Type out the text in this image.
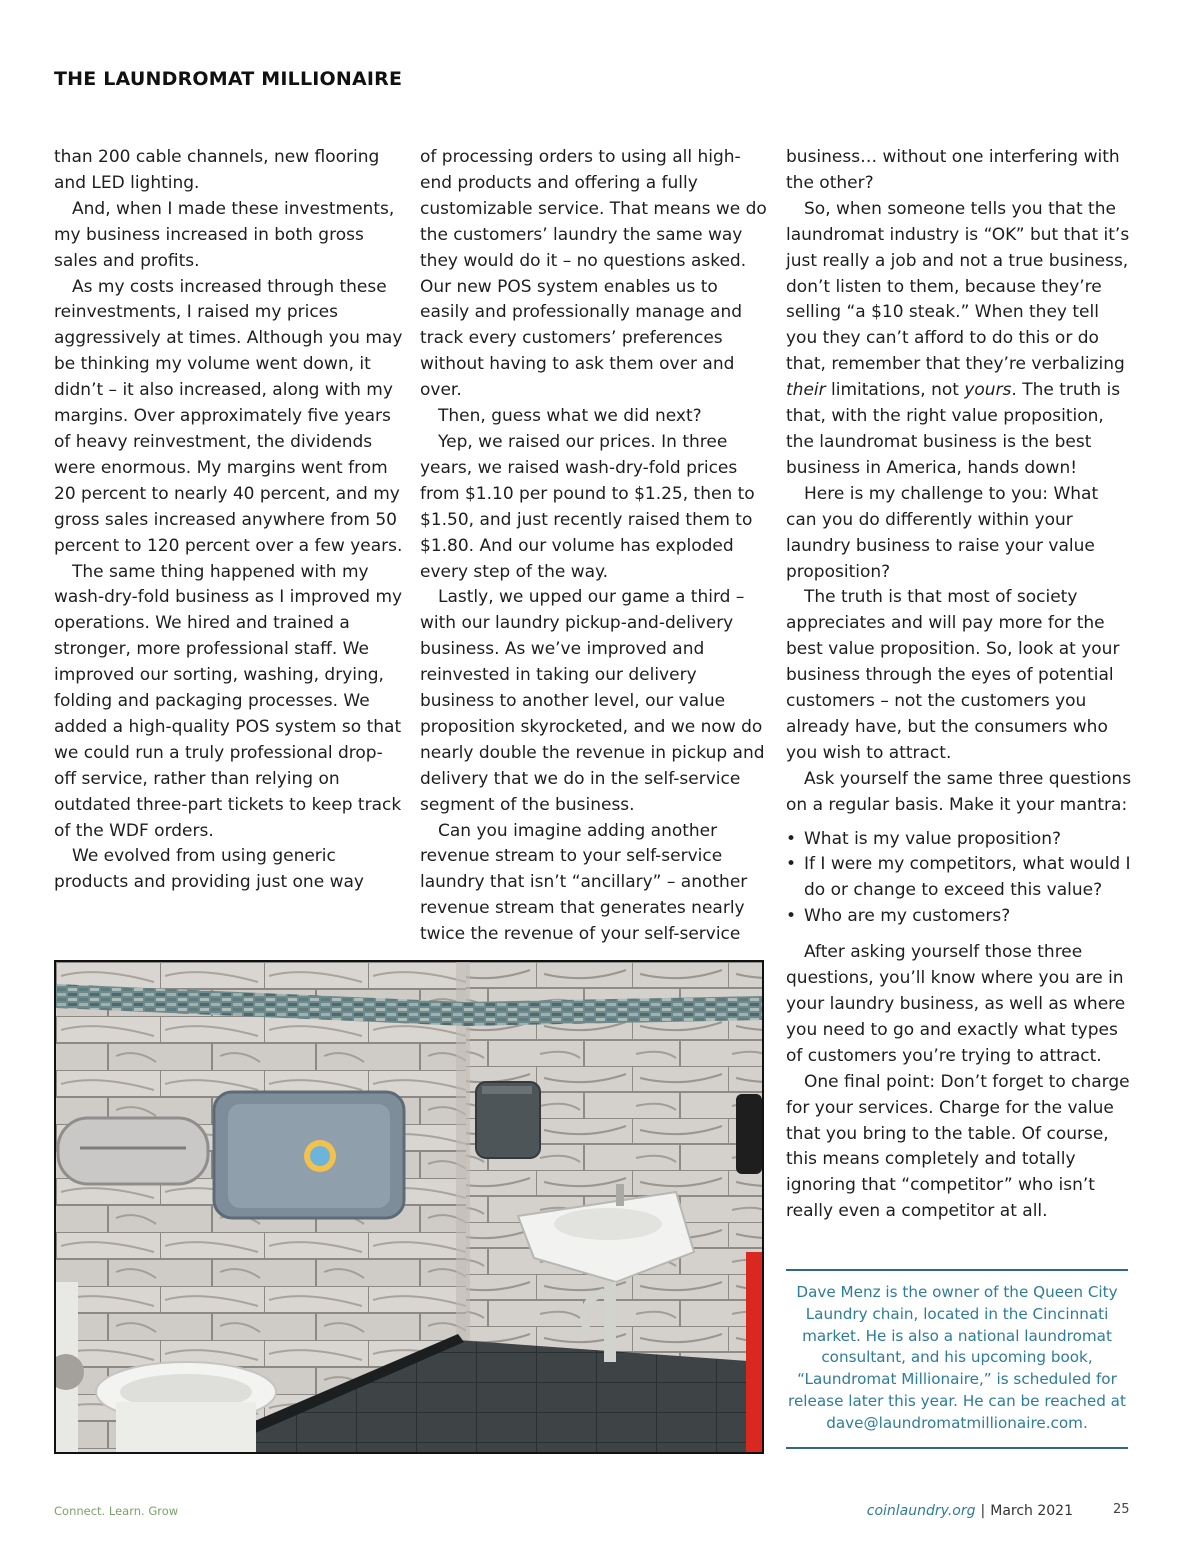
THE LAUNDROMAT MILLIONAIRE

than 200 cable channels, new flooring and LED lighting.

And, when I made these investments, my business increased in both gross sales and profits.

As my costs increased through these reinvestments, I raised my prices aggressively at times. Although you may be thinking my volume went down, it didn’t – it also increased, along with my margins. Over approximately five years of heavy reinvestment, the dividends were enormous. My margins went from 20 percent to nearly 40 percent, and my gross sales increased anywhere from 50 percent to 120 percent over a few years.

The same thing happened with my wash-dry-fold business as I improved my operations. We hired and trained a stronger, more professional staff. We improved our sorting, washing, drying, folding and packaging processes. We added a high-quality POS system so that we could run a truly professional drop-off service, rather than relying on outdated three-part tickets to keep track of the WDF orders.

We evolved from using generic products and providing just one way

of processing orders to using all high-end products and offering a fully customizable service. That means we do the customers’ laundry the same way they would do it – no questions asked. Our new POS system enables us to easily and professionally manage and track every customers’ preferences without having to ask them over and over.

Then, guess what we did next?

Yep, we raised our prices. In three years, we raised wash-dry-fold prices from $1.10 per pound to $1.25, then to $1.50, and just recently raised them to $1.80. And our volume has exploded every step of the way.

Lastly, we upped our game a third – with our laundry pickup-and-delivery business. As we’ve improved and reinvested in taking our delivery business to another level, our value proposition skyrocketed, and we now do nearly double the revenue in pickup and delivery that we do in the self-service segment of the business.

Can you imagine adding another revenue stream to your self-service laundry that isn’t “ancillary” – another revenue stream that generates nearly twice the revenue of your self-service

business… without one interfering with the other?

So, when someone tells you that the laundromat industry is “OK” but that it’s just really a job and not a true business, don’t listen to them, because they’re selling “a $10 steak.” When they tell you they can’t afford to do this or do that, remember that they’re verbalizing their limitations, not yours. The truth is that, with the right value proposition, the laundromat business is the best business in America, hands down!

Here is my challenge to you: What can you do differently within your laundry business to raise your value proposition?

The truth is that most of society appreciates and will pay more for the best value proposition. So, look at your business through the eyes of potential customers – not the customers you already have, but the consumers who you wish to attract.

Ask yourself the same three questions on a regular basis. Make it your mantra:

• What is my value proposition?
• If I were my competitors, what would I do or change to exceed this value?
• Who are my customers?

After asking yourself those three questions, you’ll know where you are in your laundry business, as well as where you need to go and exactly what types of customers you’re trying to attract.

One final point: Don’t forget to charge for your services. Charge for the value that you bring to the table. Of course, this means completely and totally ignoring that “competitor” who isn’t really even a competitor at all.

Dave Menz is the owner of the Queen City Laundry chain, located in the Cincinnati market. He is also a national laundromat consultant, and his upcoming book, “Laundromat Millionaire,” is scheduled for release later this year. He can be reached at dave@laundromatmillionaire.com.
Connect. Learn. Grow	coinlaundry.org | March 2021	25
